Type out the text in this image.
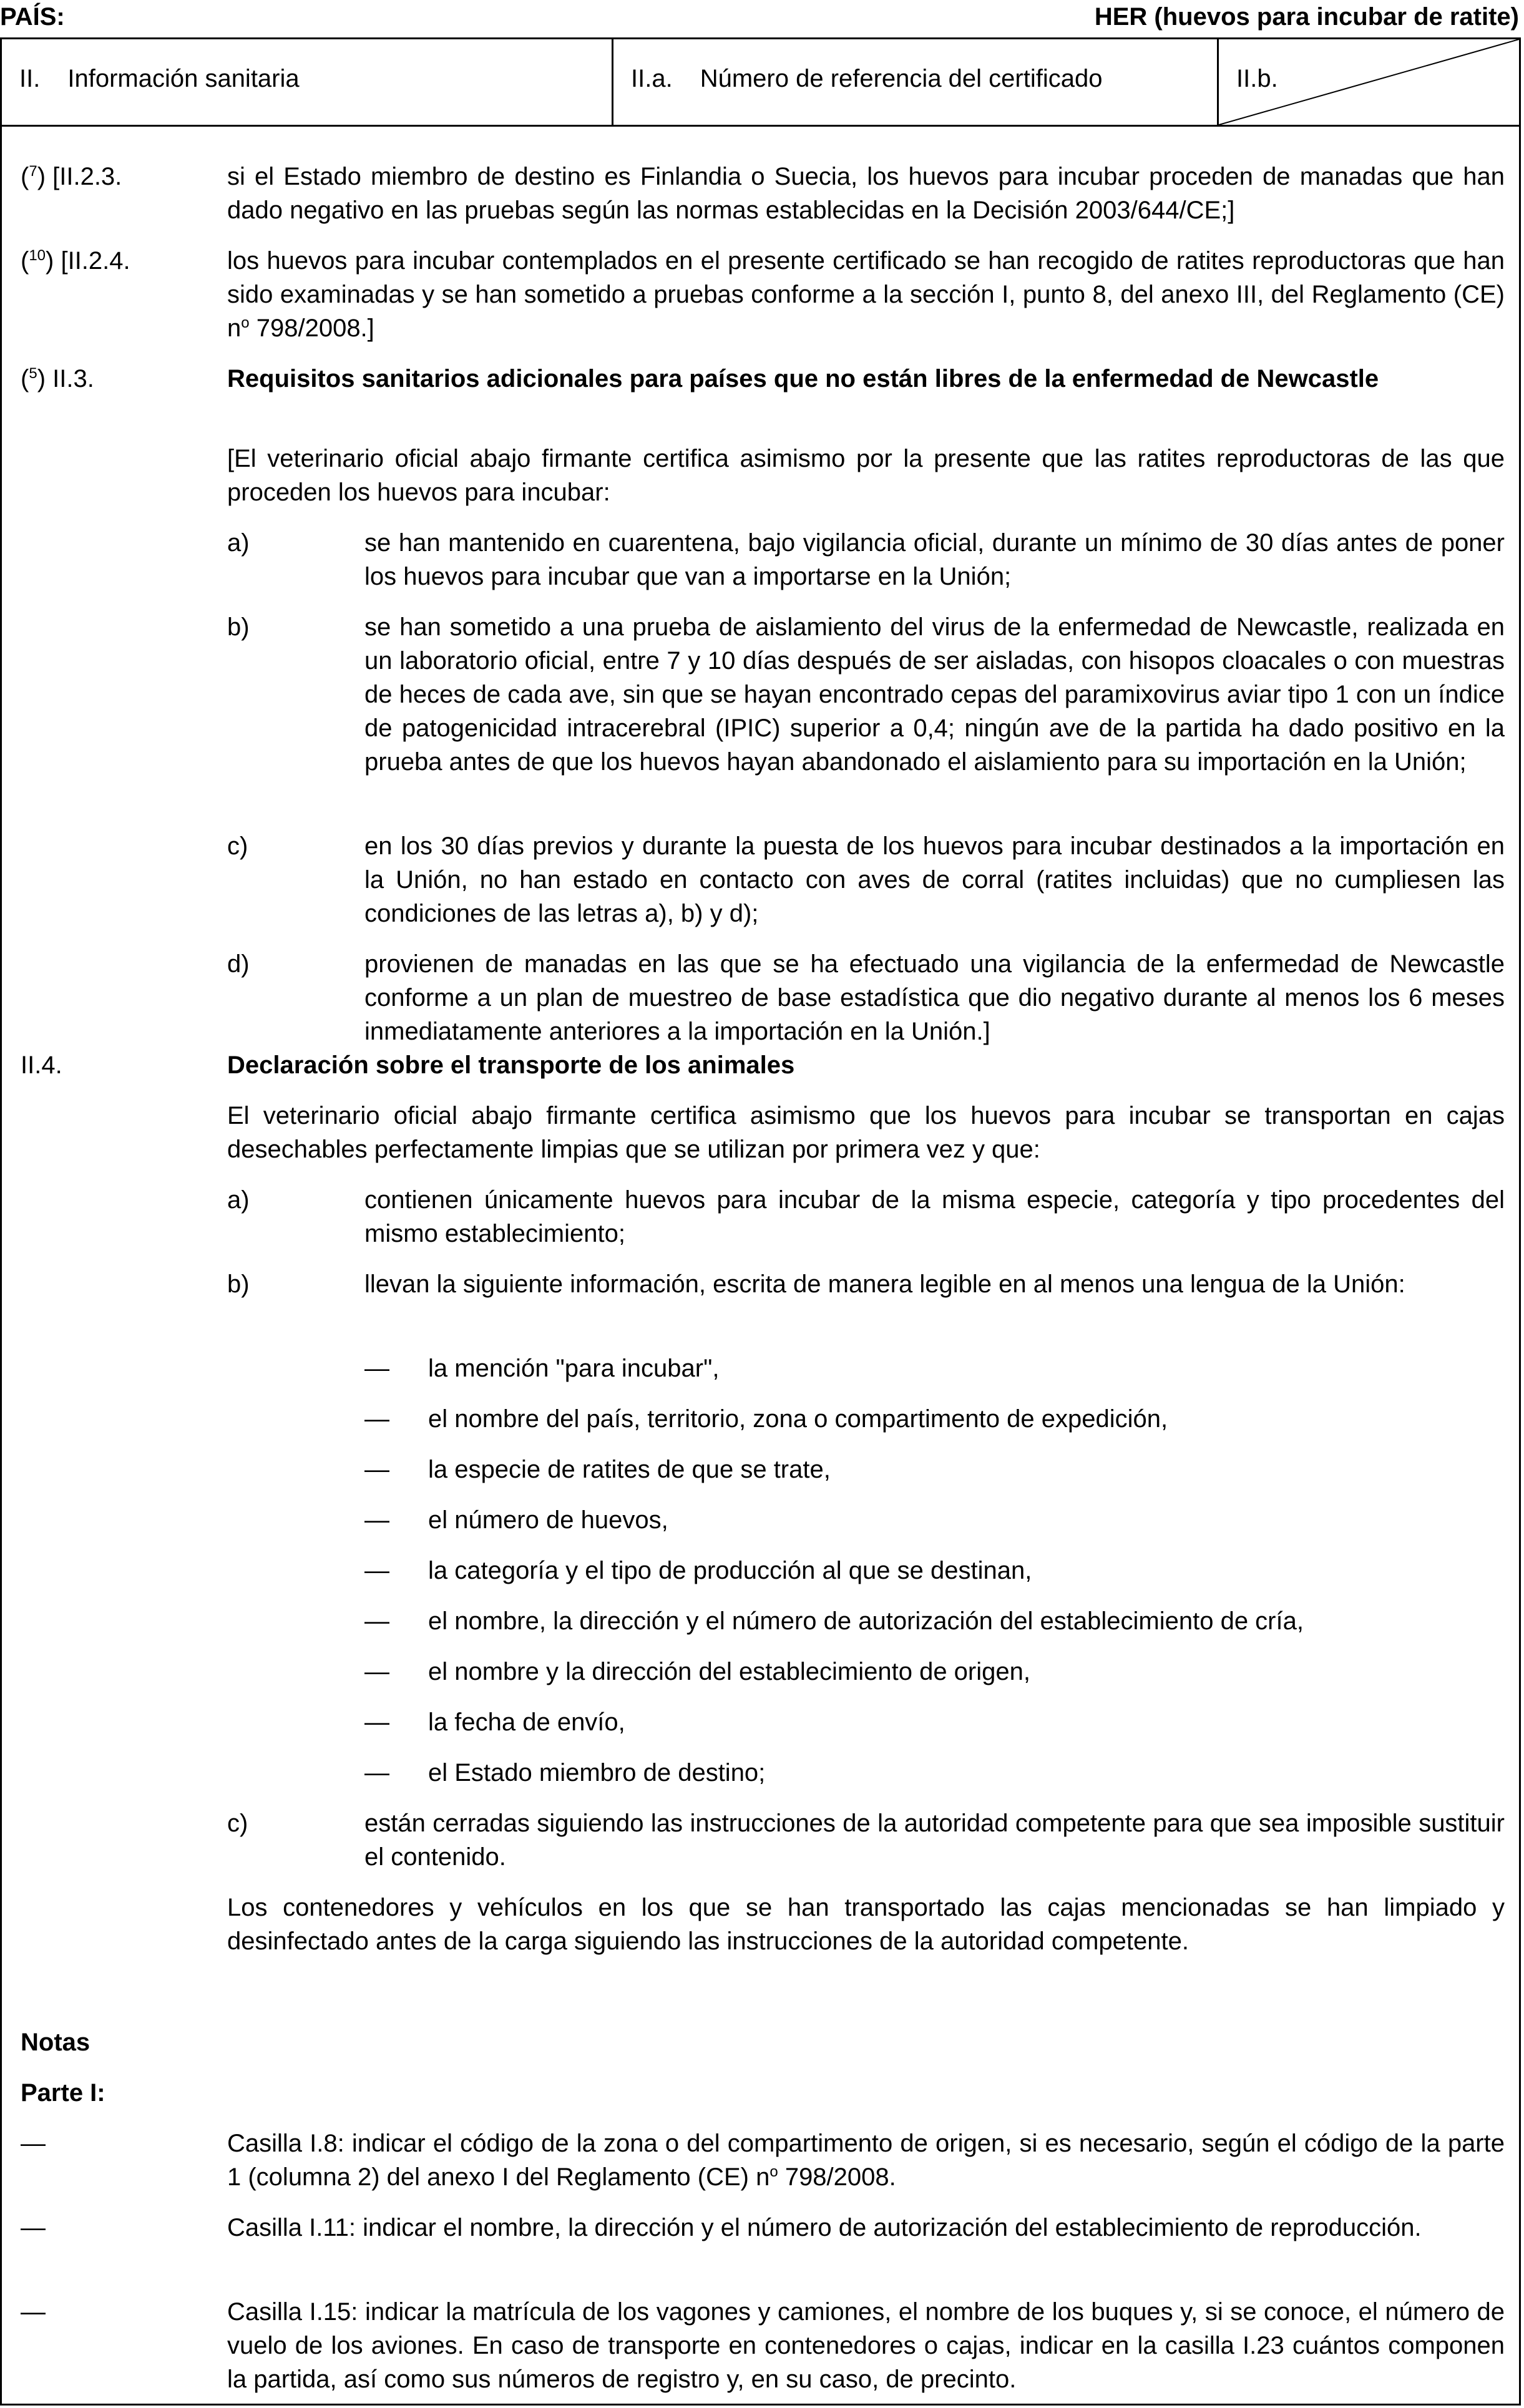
PAÍS:	HER (huevos para incubar de ratite)
II. Información sanitaria	II.a. Número de referencia del certificado	II.b.
($^7$) [II.2.3.	si el Estado miembro de destino es Finlandia o Suecia, los huevos para incubar proceden de manadas que han dado negativo en las pruebas según las normas establecidas en la Decisión 2003/644/CE;]
($^{10}$) [II.2.4.	los huevos para incubar contemplados en el presente certificado se han recogido de ratites reproductoras que han sido examinadas y se han sometido a pruebas conforme a la sección I, punto 8, del anexo III, del Reglamento (CE) $n^o$ 798/2008.]
($^5$) II.3.	Requisitos sanitarios adicionales para países que no están libres de la enfermedad de Newcastle
[El veterinario oficial abajo firmante certifica asimismo por la presente que las ratites reproductoras de las que proceden los huevos para incubar:
a)	se han mantenido en cuarentena, bajo vigilancia oficial, durante un mínimo de 30 días antes de poner los huevos para incubar que van a importarse en la Unión;
b)	se han sometido a una prueba de aislamiento del virus de la enfermedad de Newcastle, realizada en un laboratorio oficial, entre 7 y 10 días después de ser aisladas, con hisopos cloacales o con muestras de heces de cada ave, sin que se hayan encontrado cepas del paramixovirus aviar tipo 1 con un índice de patogenicidad intracerebral (IPIC) superior a 0,4; ningún ave de la partida ha dado positivo en la prueba antes de que los huevos hayan abandonado el aislamiento para su importación en la Unión;
c)	en los 30 días previos y durante la puesta de los huevos para incubar destinados a la importación en la Unión, no han estado en contacto con aves de corral (ratites incluidas) que no cumpliesen las condiciones de las letras a), b) y d);
d)	provienen de manadas en las que se ha efectuado una vigilancia de la enfermedad de Newcastle conforme a un plan de muestreo de base estadística que dio negativo durante al menos los 6 meses inmediatamente anteriores a la importación en la Unión.]
II.4.	Declaración sobre el transporte de los animales
El veterinario oficial abajo firmante certifica asimismo que los huevos para incubar se transportan en cajas desechables perfectamente limpias que se utilizan por primera vez y que:
a)	contienen únicamente huevos para incubar de la misma especie, categoría y tipo procedentes del mismo establecimiento;
b)	llevan la siguiente información, escrita de manera legible en al menos una lengua de la Unión:
— la mención "para incubar",
— el nombre del país, territorio, zona o compartimento de expedición,
— la especie de ratites de que se trate,
— el número de huevos,
— la categoría y el tipo de producción al que se destinan,
— el nombre, la dirección y el número de autorización del establecimiento de cría,
— el nombre y la dirección del establecimiento de origen,
— la fecha de envío,
— el Estado miembro de destino;
c)	están cerradas siguiendo las instrucciones de la autoridad competente para que sea imposible sustituir el contenido.
Los contenedores y vehículos en los que se han transportado las cajas mencionadas se han limpiado y desinfectado antes de la carga siguiendo las instrucciones de la autoridad competente.
Notas
Parte I:
—	Casilla I.8: indicar el código de la zona o del compartimento de origen, si es necesario, según el código de la parte 1 (columna 2) del anexo I del Reglamento (CE) $n^o$ 798/2008.
—	Casilla I.11: indicar el nombre, la dirección y el número de autorización del establecimiento de reproducción.
—	Casilla I.15: indicar la matrícula de los vagones y camiones, el nombre de los buques y, si se conoce, el número de vuelo de los aviones. En caso de transporte en contenedores o cajas, indicar en la casilla I.23 cuántos componen la partida, así como sus números de registro y, en su caso, de precinto.
